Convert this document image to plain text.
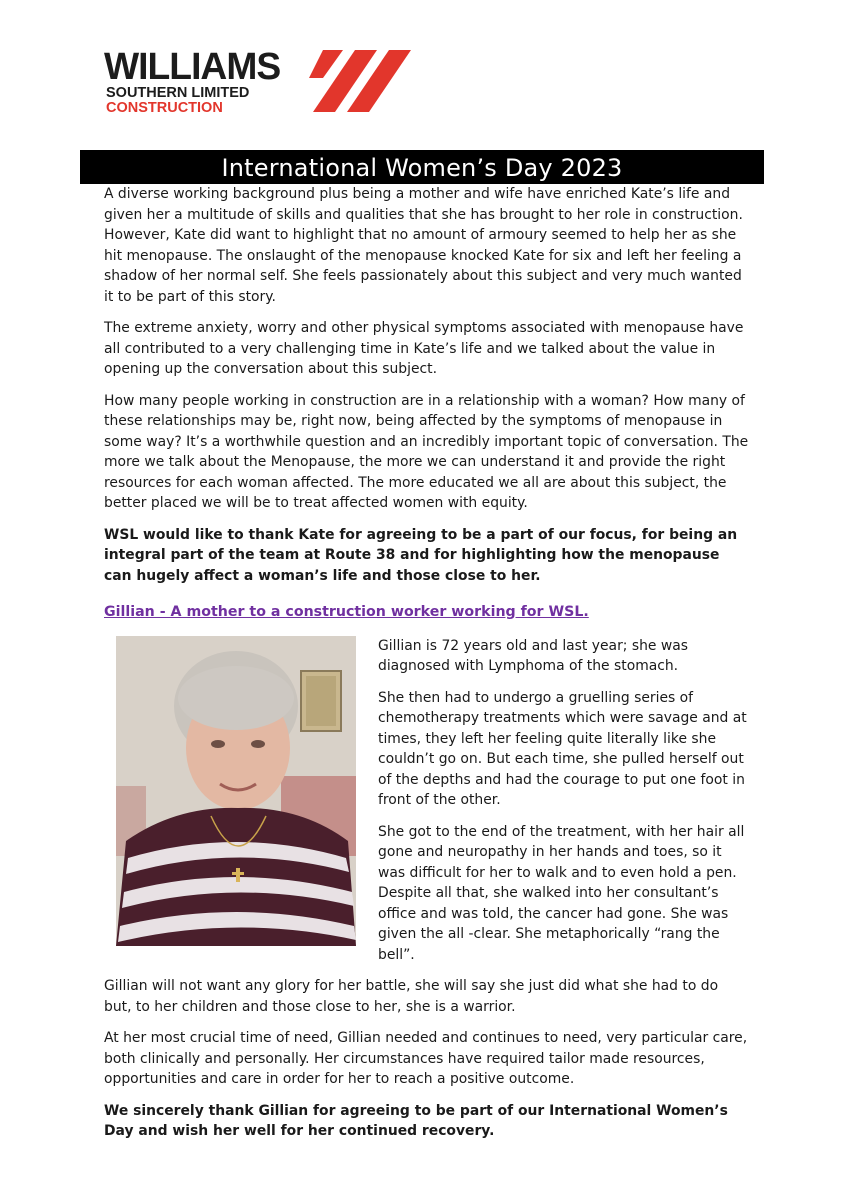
WILLIAMS
SOUTHERN LIMITED
CONSTRUCTION
International Women’s Day 2023

A diverse working background plus being a mother and wife have enriched Kate’s life and given her a multitude of skills and qualities that she has brought to her role in construction. However, Kate did want to highlight that no amount of armoury seemed to help her as she hit menopause. The onslaught of the menopause knocked Kate for six and left her feeling a shadow of her normal self. She feels passionately about this subject and very much wanted it to be part of this story.

The extreme anxiety, worry and other physical symptoms associated with menopause have all contributed to a very challenging time in Kate’s life and we talked about the value in opening up the conversation about this subject.

How many people working in construction are in a relationship with a woman? How many of these relationships may be, right now, being affected by the symptoms of menopause in some way? It’s a worthwhile question and an incredibly important topic of conversation. The more we talk about the Menopause, the more we can understand it and provide the right resources for each woman affected. The more educated we all are about this subject, the better placed we will be to treat affected women with equity.

WSL would like to thank Kate for agreeing to be a part of our focus, for being an integral part of the team at Route 38 and for highlighting how the menopause can hugely affect a woman’s life and those close to her.

Gillian - A mother to a construction worker working for WSL.

Gillian is 72 years old and last year; she was diagnosed with Lymphoma of the stomach.

She then had to undergo a gruelling series of chemotherapy treatments which were savage and at times, they left her feeling quite literally like she couldn’t go on. But each time, she pulled herself out of the depths and had the courage to put one foot in front of the other.

She got to the end of the treatment, with her hair all gone and neuropathy in her hands and toes, so it was difficult for her to walk and to even hold a pen. Despite all that, she walked into her consultant’s office and was told, the cancer had gone. She was given the all -clear. She metaphorically “rang the bell”.

Gillian will not want any glory for her battle, she will say she just did what she had to do but, to her children and those close to her, she is a warrior.

At her most crucial time of need, Gillian needed and continues to need, very particular care, both clinically and personally. Her circumstances have required tailor made resources, opportunities and care in order for her to reach a positive outcome.

We sincerely thank Gillian for agreeing to be part of our International Women’s Day and wish her well for her continued recovery.
